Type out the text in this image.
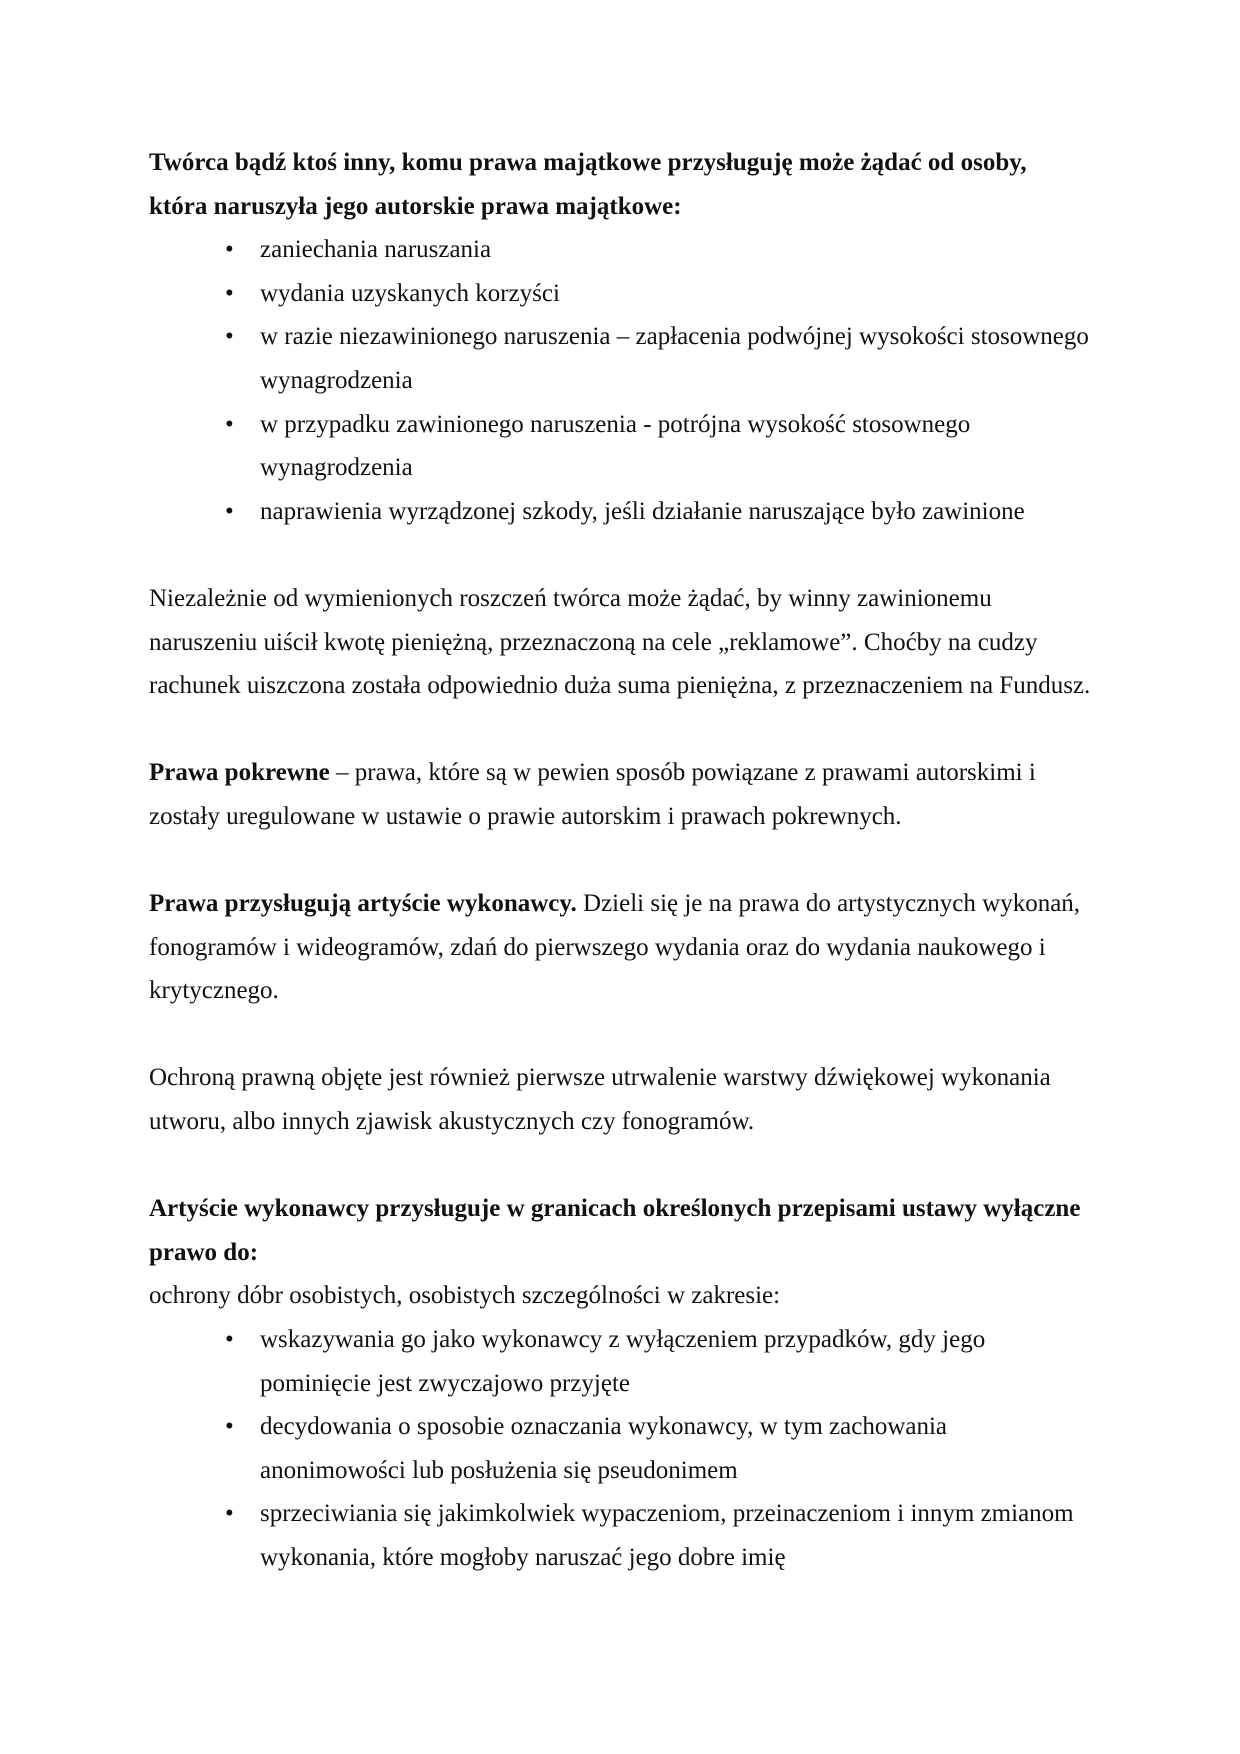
Twórca bądź ktoś inny, komu prawa majątkowe przysługuję może żądać od osoby,
która naruszyła jego autorskie prawa majątkowe:
• zaniechania naruszania
• wydania uzyskanych korzyści
• w razie niezawinionego naruszenia – zapłacenia podwójnej wysokości stosownego
wynagrodzenia
• w przypadku zawinionego naruszenia - potrójna wysokość stosownego
wynagrodzenia
• naprawienia wyrządzonej szkody, jeśli działanie naruszające było zawinione
Niezależnie od wymienionych roszczeń twórca może żądać, by winny zawinionemu
naruszeniu uiścił kwotę pieniężną, przeznaczoną na cele „reklamowe”. Choćby na cudzy
rachunek uiszczona została odpowiednio duża suma pieniężna, z przeznaczeniem na Fundusz.
Prawa pokrewne – prawa, które są w pewien sposób powiązane z prawami autorskimi i
zostały uregulowane w ustawie o prawie autorskim i prawach pokrewnych.
Prawa przysługują artyście wykonawcy. Dzieli się je na prawa do artystycznych wykonań,
fonogramów i wideogramów, zdań do pierwszego wydania oraz do wydania naukowego i
krytycznego.
Ochroną prawną objęte jest również pierwsze utrwalenie warstwy dźwiękowej wykonania
utworu, albo innych zjawisk akustycznych czy fonogramów.
Artyście wykonawcy przysługuje w granicach określonych przepisami ustawy wyłączne
prawo do:
ochrony dóbr osobistych, osobistych szczególności w zakresie:
• wskazywania go jako wykonawcy z wyłączeniem przypadków, gdy jego
pominięcie jest zwyczajowo przyjęte
• decydowania o sposobie oznaczania wykonawcy, w tym zachowania
anonimowości lub posłużenia się pseudonimem
• sprzeciwiania się jakimkolwiek wypaczeniom, przeinaczeniom i innym zmianom
wykonania, które mogłoby naruszać jego dobre imię
